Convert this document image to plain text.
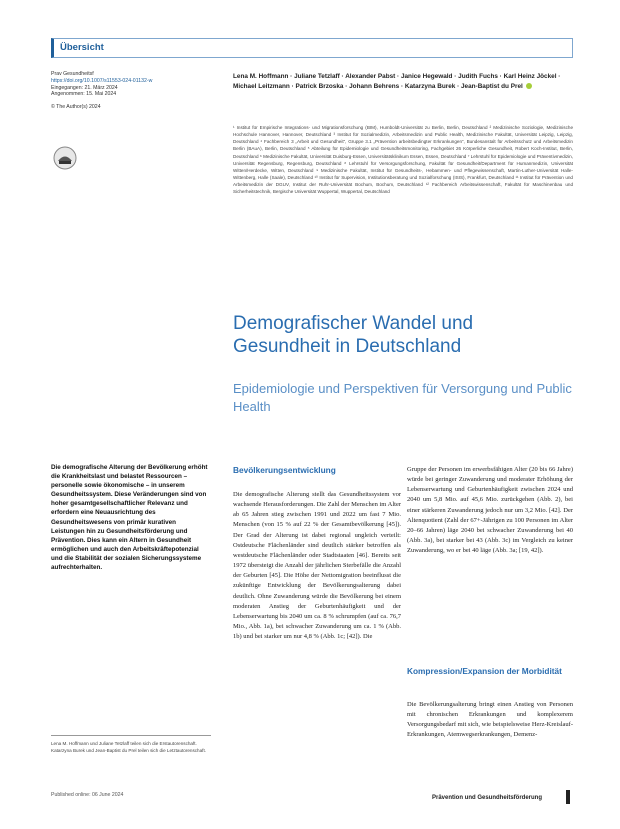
Übersicht
Prav Gesundheitsf
https://doi.org/10.1007/s11553-024-01132-w
Eingegangen: 21. März 2024
Angenommen: 15. Mai 2024
© The Author(s) 2024
Lena M. Hoffmann · Juliane Tetzlaff · Alexander Pabst · Janice Hegewald · Judith Fuchs · Karl Heinz Jöckel · Michael Leitzmann · Patrick Brzoska · Johann Behrens · Katarzyna Burek · Jean-Baptist du Prel
¹ Institut für Empirische Integrations- und Migrationsforschung (BIM), Humboldt-Universität zu Berlin, Berlin, Deutschland ² Medizinische Soziologie, Medizinische Hochschule Hannover, Hannover, Deutschland ³ Institut für Sozialmedizin, Arbeitsmedizin und Public Health, Medizinische Fakultät, Universität Leipzig, Leipzig, Deutschland ⁴ Fachbereich 3 „Arbeit und Gesundheit“, Gruppe 3.1 „Prävention arbeitsbedingter Erkrankungen“, Bundesanstalt für Arbeitsschutz und Arbeitsmedizin Berlin (BAuA), Berlin, Deutschland ⁵ Abteilung für Epidemiologie und Gesundheitsmonitoring, Fachgebiet 26 Körperliche Gesundheit, Robert Koch-Institut, Berlin, Deutschland ⁶ Medizinische Fakultät, Universität Duisburg-Essen, Universitätsklinikum Essen, Essen, Deutschland ⁷ Lehrstuhl für Epidemiologie und Präventivmedizin, Universität Regensburg, Regensburg, Deutschland ⁸ Lehrstuhl für Versorgungsforschung, Fakultät für Gesundheit/Department für Humanmedizin, Universität Witten/Herdecke, Witten, Deutschland ⁹ Medizinische Fakultät, Institut für Gesundheits-, Hebammen- und Pflegewissenschaft, Martin-Luther-Universität Halle-Wittenberg, Halle (Saale), Deutschland ¹⁰ Institut für Supervision, Institutionsberatung und Sozialforschung (ISIS), Frankfurt, Deutschland ¹¹ Institut für Prävention und Arbeitsmedizin der DGUV, Institut der Ruhr-Universität Bochum, Bochum, Deutschland ¹² Fachbereich Arbeitswissenschaft, Fakultät für Maschinenbau und Sicherheitstechnik, Bergische Universität Wuppertal, Wuppertal, Deutschland
Demografischer Wandel und Gesundheit in Deutschland
Epidemiologie und Perspektiven für Versorgung und Public Health
Die demografische Alterung der Bevölkerung erhöht die Krankheitslast und belastet Ressourcen – personelle sowie ökonomische – in unserem Gesundheitssystem. Diese Veränderungen sind von hoher gesamtgesellschaftlicher Relevanz und erfordern eine Neuausrichtung des Gesundheitswesens von primär kurativen Leistungen hin zu Gesundheitsförderung und Prävention. Dies kann ein Altern in Gesundheit ermöglichen und auch den Arbeitskräftepotenzial und die Stabilität der sozialen Sicherungssysteme aufrechterhalten.
Lena M. Hoffmann und Juliane Tetzlaff teilen sich die Erstautorenschaft.
Katarzyna Burek und Jean-Baptist du Prel teilen sich die Letztautorenschaft.
Published online: 06 June 2024
Bevölkerungsentwicklung
Die demografische Alterung stellt das Gesundheitssystem vor wachsende Herausforderungen. Die Zahl der Menschen im Alter ab 65 Jahren stieg zwischen 1991 und 2022 um fast 7 Mio. Menschen (von 15 % auf 22 % der Gesamtbevölkerung [45]). Der Grad der Alterung ist dabei regional ungleich verteilt: Ostdeutsche Flächenländer sind deutlich stärker betroffen als westdeutsche Flächenländer oder Stadtstaaten [46]. Bereits seit 1972 übersteigt die Anzahl der jährlichen Sterbefälle die Anzahl der Geburten [45]. Die Höhe der Nettomigration beeinflusst die zukünftige Entwicklung der Bevölkerungsalterung dabei deutlich. Ohne Zuwanderung würde die Bevölkerung bei einem moderaten Anstieg der Geburtenhäufigkeit und der Lebenserwartung bis 2040 um ca. 8 % schrumpfen (auf ca. 76,7 Mio., Abb. 1a), bei schwacher Zuwanderung um ca. 1 % (Abb. 1b) und bei starker um nur 4,8 % (Abb. 1c; [42]). Die
Gruppe der Personen im erwerbsfähigen Alter (20 bis 66 Jahre) würde bei geringer Zuwanderung und moderater Erhöhung der Lebenserwartung und Geburtenhäufigkeit zwischen 2024 und 2040 um 5,8 Mio. auf 45,6 Mio. zurückgehen (Abb. 2), bei einer stärkeren Zuwanderung jedoch nur um 3,2 Mio. [42]. Der Altenquotient (Zahl der 67+-Jährigen zu 100 Personen im Alter 20–66 Jahren) läge 2040 bei schwacher Zuwanderung bei 40 (Abb. 3a), bei starker bei 43 (Abb. 3c) im Vergleich zu keiner Zuwanderung, wo er bei 40 läge (Abb. 3a; [19, 42]).
Kompression/Expansion der Morbidität
Die Bevölkerungsalterung bringt einen Anstieg von Personen mit chronischen Erkrankungen und komplexerem Versorgungsbedarf mit sich, wie beispielsweise Herz-Kreislauf-Erkrankungen, Atemwegserkrankungen, Demenz-
Prävention und Gesundheitsförderung
